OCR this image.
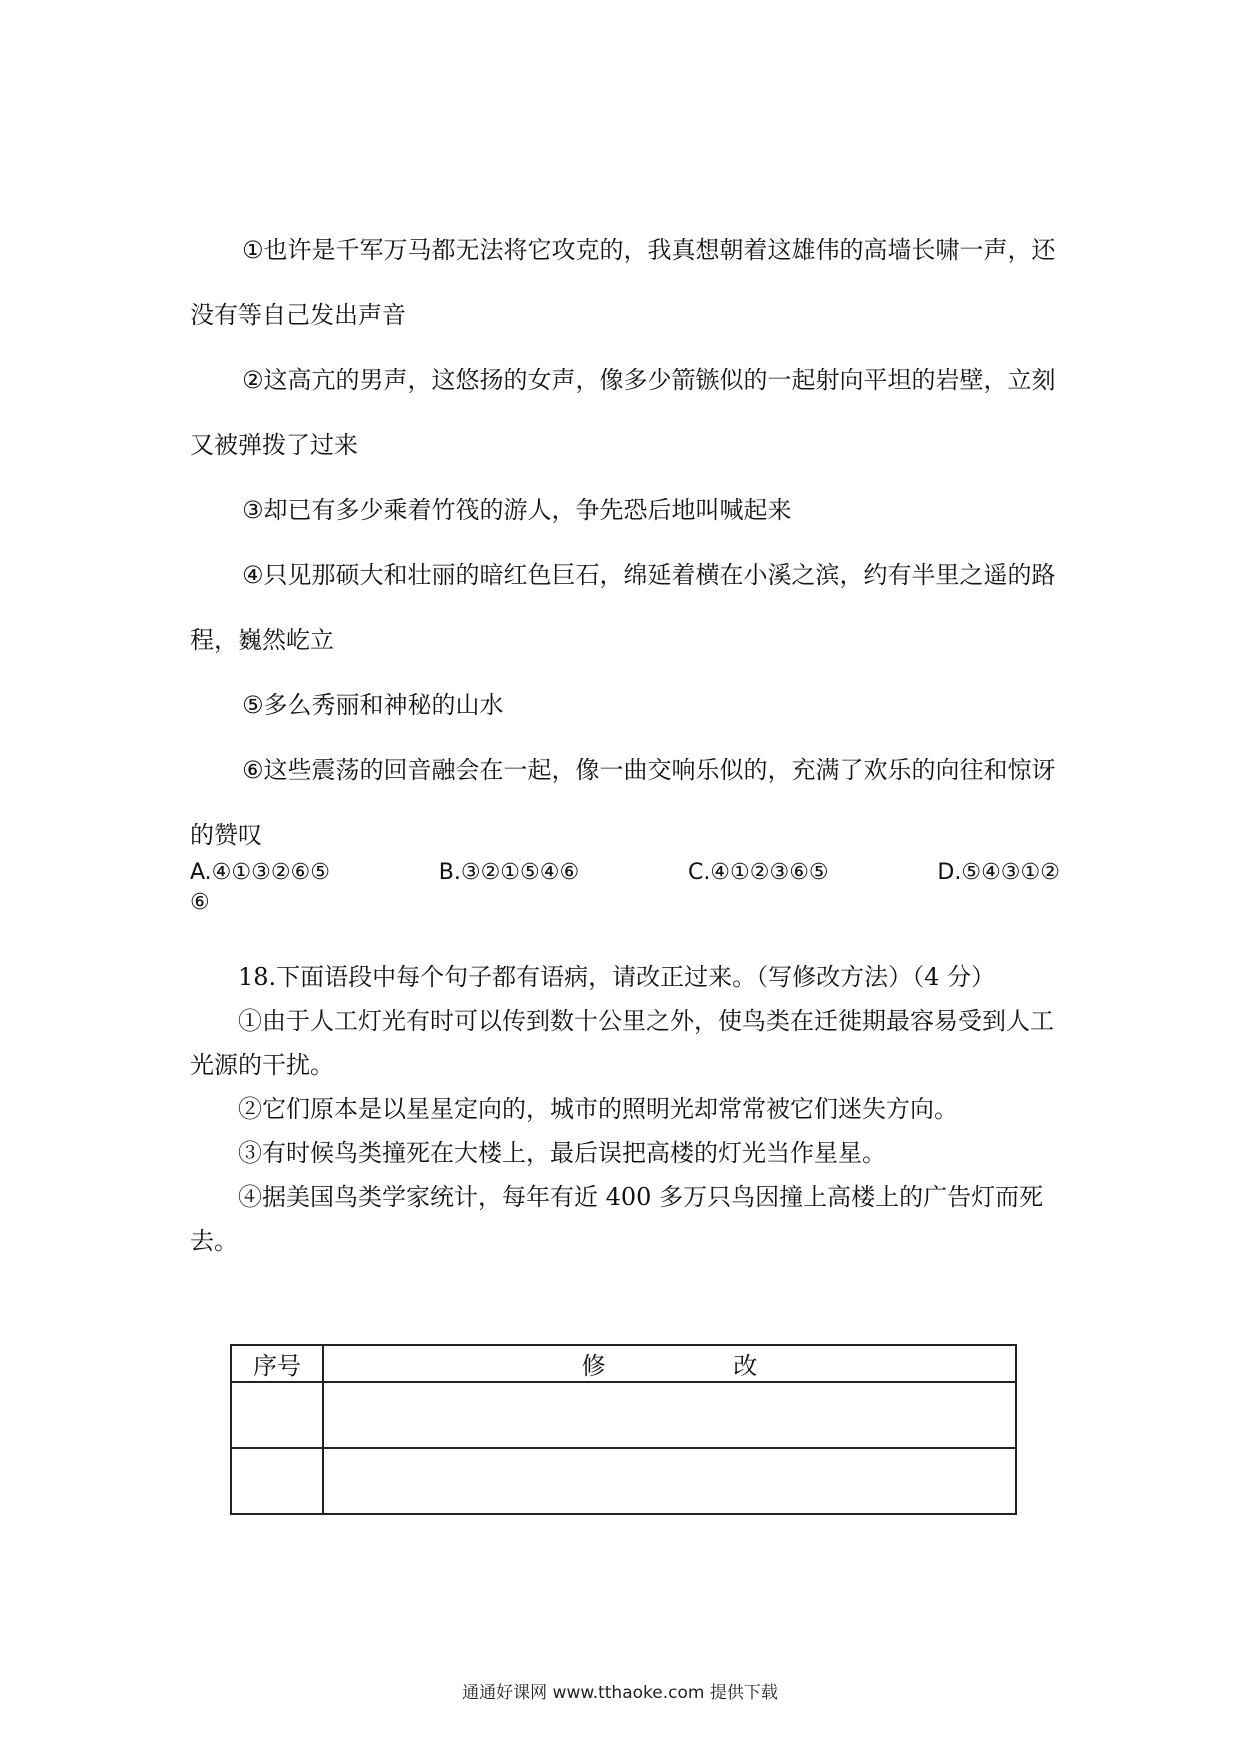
①也许是千军万马都无法将它攻克的，我真想朝着这雄伟的高墙长啸一声，还没有等自己发出声音

②这高亢的男声，这悠扬的女声，像多少箭镞似的一起射向平坦的岩壁，立刻又被弹拨了过来

③却已有多少乘着竹筏的游人，争先恐后地叫喊起来

④只见那硕大和壮丽的暗红色巨石，绵延着横在小溪之滨，约有半里之遥的路程，巍然屹立

⑤多么秀丽和神秘的山水

⑥这些震荡的回音融会在一起，像一曲交响乐似的，充满了欢乐的向往和惊讶的赞叹

A.④①③②⑥⑤	B.③②①⑤④⑥	C.④①②③⑥⑤	D.⑤④③①②

⑥

18.下面语段中每个句子都有语病，请改正过来。（写修改方法）（4 分）

①由于人工灯光有时可以传到数十公里之外，使鸟类在迁徙期最容易受到人工光源的干扰。

②它们原本是以星星定向的，城市的照明光却常常被它们迷失方向。

③有时候鸟类撞死在大楼上，最后误把高楼的灯光当作星星。

④据美国鸟类学家统计，每年有近 400 多万只鸟因撞上高楼上的广告灯而死去。

序号	修 改

通通好课网 www.tthaoke.com 提供下载
